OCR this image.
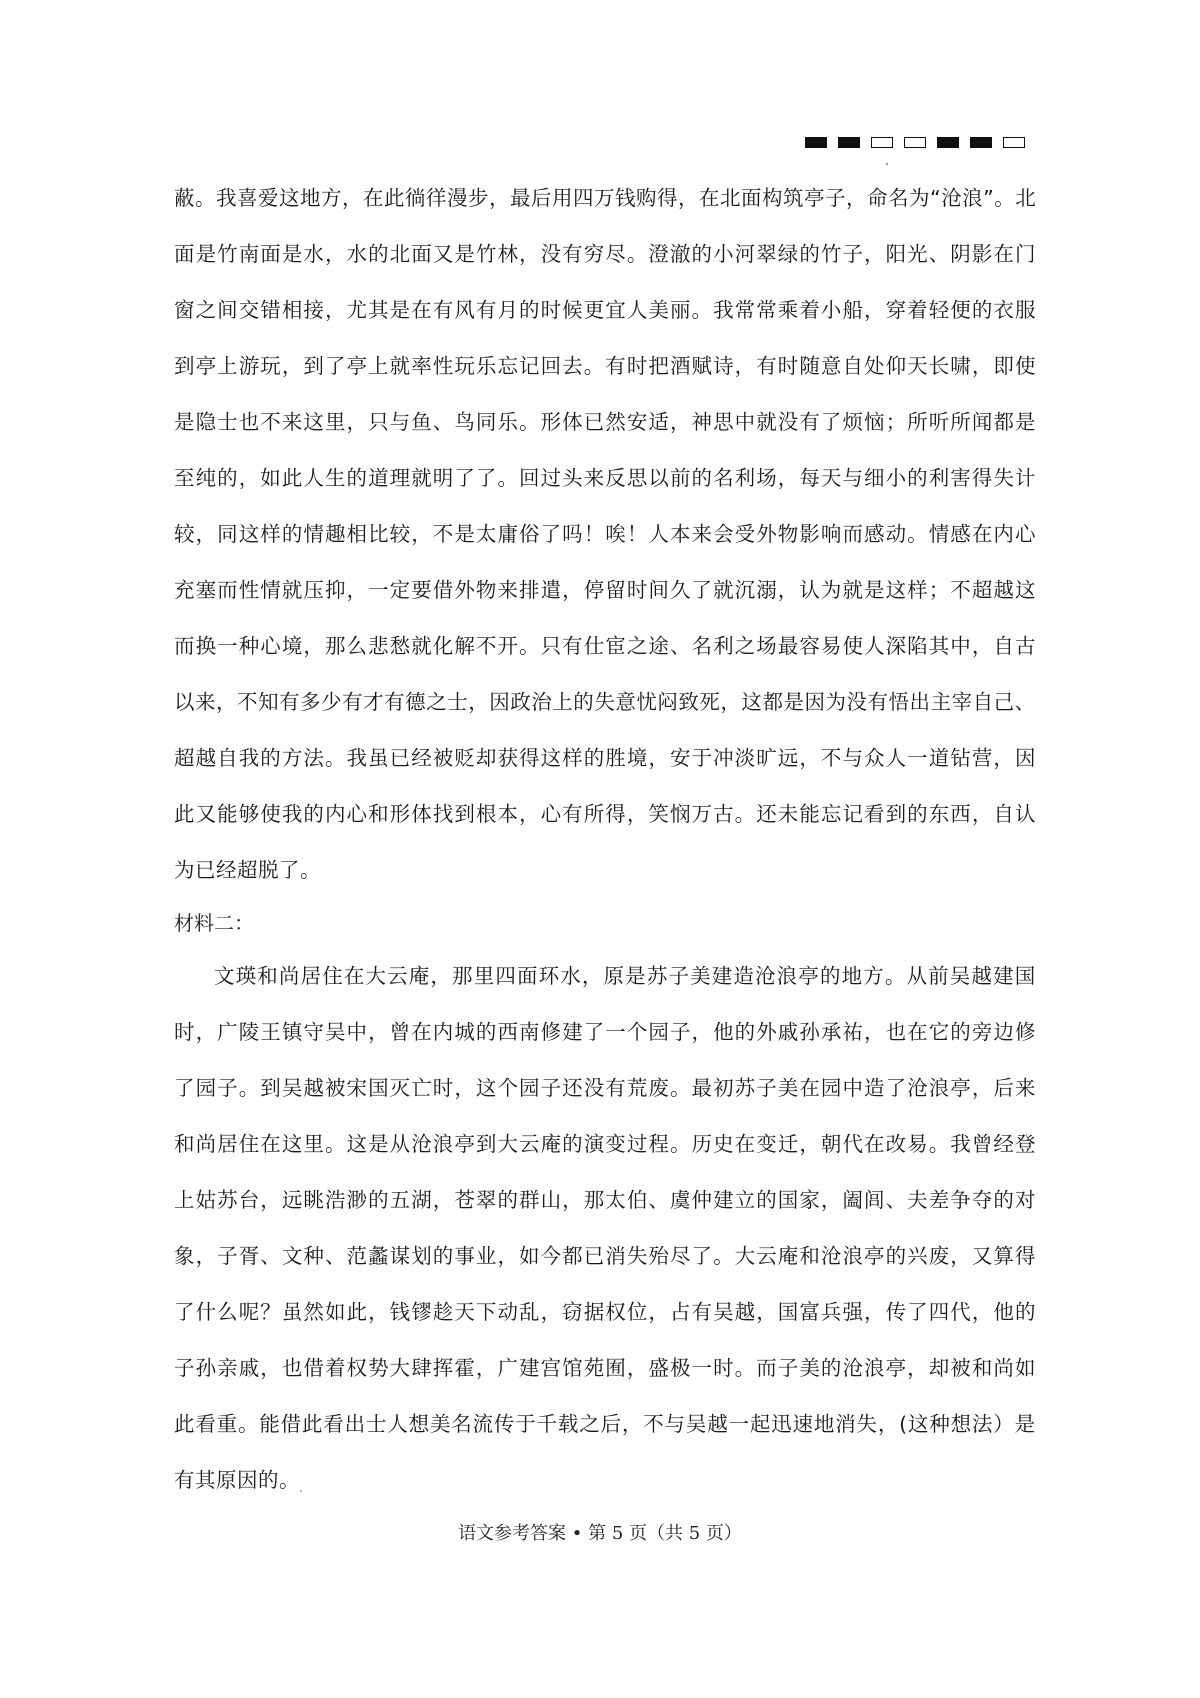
蔽 。 我 喜 爱 这 地 方 ， 在 此 徜 徉 漫 步 ， 最 后 用 四 万 钱 购 得 ， 在 北 面 构 筑 亭 子 ， 命 名 为 “ 沧 浪 ” 。 北
面 是 竹 南 面 是 水 ， 水 的 北 面 又 是 竹 林 ， 没 有 穷 尽 。 澄 澈 的 小 河 翠 绿 的 竹 子 ， 阳 光 、 阴 影 在 门
窗 之 间 交 错 相 接 ， 尤 其 是 在 有 风 有 月 的 时 候 更 宜 人 美 丽 。 我 常 常 乘 着 小 船 ， 穿 着 轻 便 的 衣 服
到 亭 上 游 玩 ， 到 了 亭 上 就 率 性 玩 乐 忘 记 回 去 。 有 时 把 酒 赋 诗 ， 有 时 随 意 自 处 仰 天 长 啸 ， 即 使
是 隐 士 也 不 来 这 里 ， 只 与 鱼 、 鸟 同 乐 。 形 体 已 然 安 适 ， 神 思 中 就 没 有 了 烦 恼 ； 所 听 所 闻 都 是
至 纯 的 ， 如 此 人 生 的 道 理 就 明 了 了 。 回 过 头 来 反 思 以 前 的 名 利 场 ， 每 天 与 细 小 的 利 害 得 失 计
较 ， 同 这 样 的 情 趣 相 比 较 ， 不 是 太 庸 俗 了 吗 ！ 唉 ！ 人 本 来 会 受 外 物 影 响 而 感 动 。 情 感 在 内 心
充 塞 而 性 情 就 压 抑 ， 一 定 要 借 外 物 来 排 遣 ， 停 留 时 间 久 了 就 沉 溺 ， 认 为 就 是 这 样 ； 不 超 越 这
而 换 一 种 心 境 ， 那 么 悲 愁 就 化 解 不 开 。 只 有 仕 宦 之 途 、 名 利 之 场 最 容 易 使 人 深 陷 其 中 ， 自 古
以 来 ， 不 知 有 多 少 有 才 有 德 之 士 ， 因 政 治 上 的 失 意 忧 闷 致 死 ， 这 都 是 因 为 没 有 悟 出 主 宰 自 己 、
超 越 自 我 的 方 法 。 我 虽 已 经 被 贬 却 获 得 这 样 的 胜 境 ， 安 于 冲 淡 旷 远 ， 不 与 众 人 一 道 钻 营 ， 因
此 又 能 够 使 我 的 内 心 和 形 体 找 到 根 本 ， 心 有 所 得 ， 笑 悯 万 古 。 还 未 能 忘 记 看 到 的 东 西 ， 自 认
为已经超脱了。
材料二：
文 瑛 和 尚 居 住 在 大 云 庵 ， 那 里 四 面 环 水 ， 原 是 苏 子 美 建 造 沧 浪 亭 的 地 方 。 从 前 吴 越 建 国
时 ， 广 陵 王 镇 守 吴 中 ， 曾 在 内 城 的 西 南 修 建 了 一 个 园 子 ， 他 的 外 戚 孙 承 祐 ， 也 在 它 的 旁 边 修
了 园 子 。 到 吴 越 被 宋 国 灭 亡 时 ， 这 个 园 子 还 没 有 荒 废 。 最 初 苏 子 美 在 园 中 造 了 沧 浪 亭 ， 后 来
和 尚 居 住 在 这 里 。 这 是 从 沧 浪 亭 到 大 云 庵 的 演 变 过 程 。 历 史 在 变 迁 ， 朝 代 在 改 易 。 我 曾 经 登
上 姑 苏 台 ， 远 眺 浩 渺 的 五 湖 ， 苍 翠 的 群 山 ， 那 太 伯 、 虞 仲 建 立 的 国 家 ， 阖 闾 、 夫 差 争 夺 的 对
象 ， 子 胥 、 文 种 、 范 蠡 谋 划 的 事 业 ， 如 今 都 已 消 失 殆 尽 了 。 大 云 庵 和 沧 浪 亭 的 兴 废 ， 又 算 得
了 什 么 呢 ？ 虽 然 如 此 ， 钱 镠 趁 天 下 动 乱 ， 窃 据 权 位 ， 占 有 吴 越 ， 国 富 兵 强 ， 传 了 四 代 ， 他 的
子 孙 亲 戚 ， 也 借 着 权 势 大 肆 挥 霍 ， 广 建 宫 馆 苑 囿 ， 盛 极 一 时 。 而 子 美 的 沧 浪 亭 ， 却 被 和 尚 如
此 看 重 。 能 借 此 看 出 士 人 想 美 名 流 传 于 千 载 之 后 ， 不 与 吴 越 一 起 迅 速 地 消 失 ， ( 这 种 想 法 ） 是
有其原因的。
语文参考答案 • 第 5 页（共 5 页）
